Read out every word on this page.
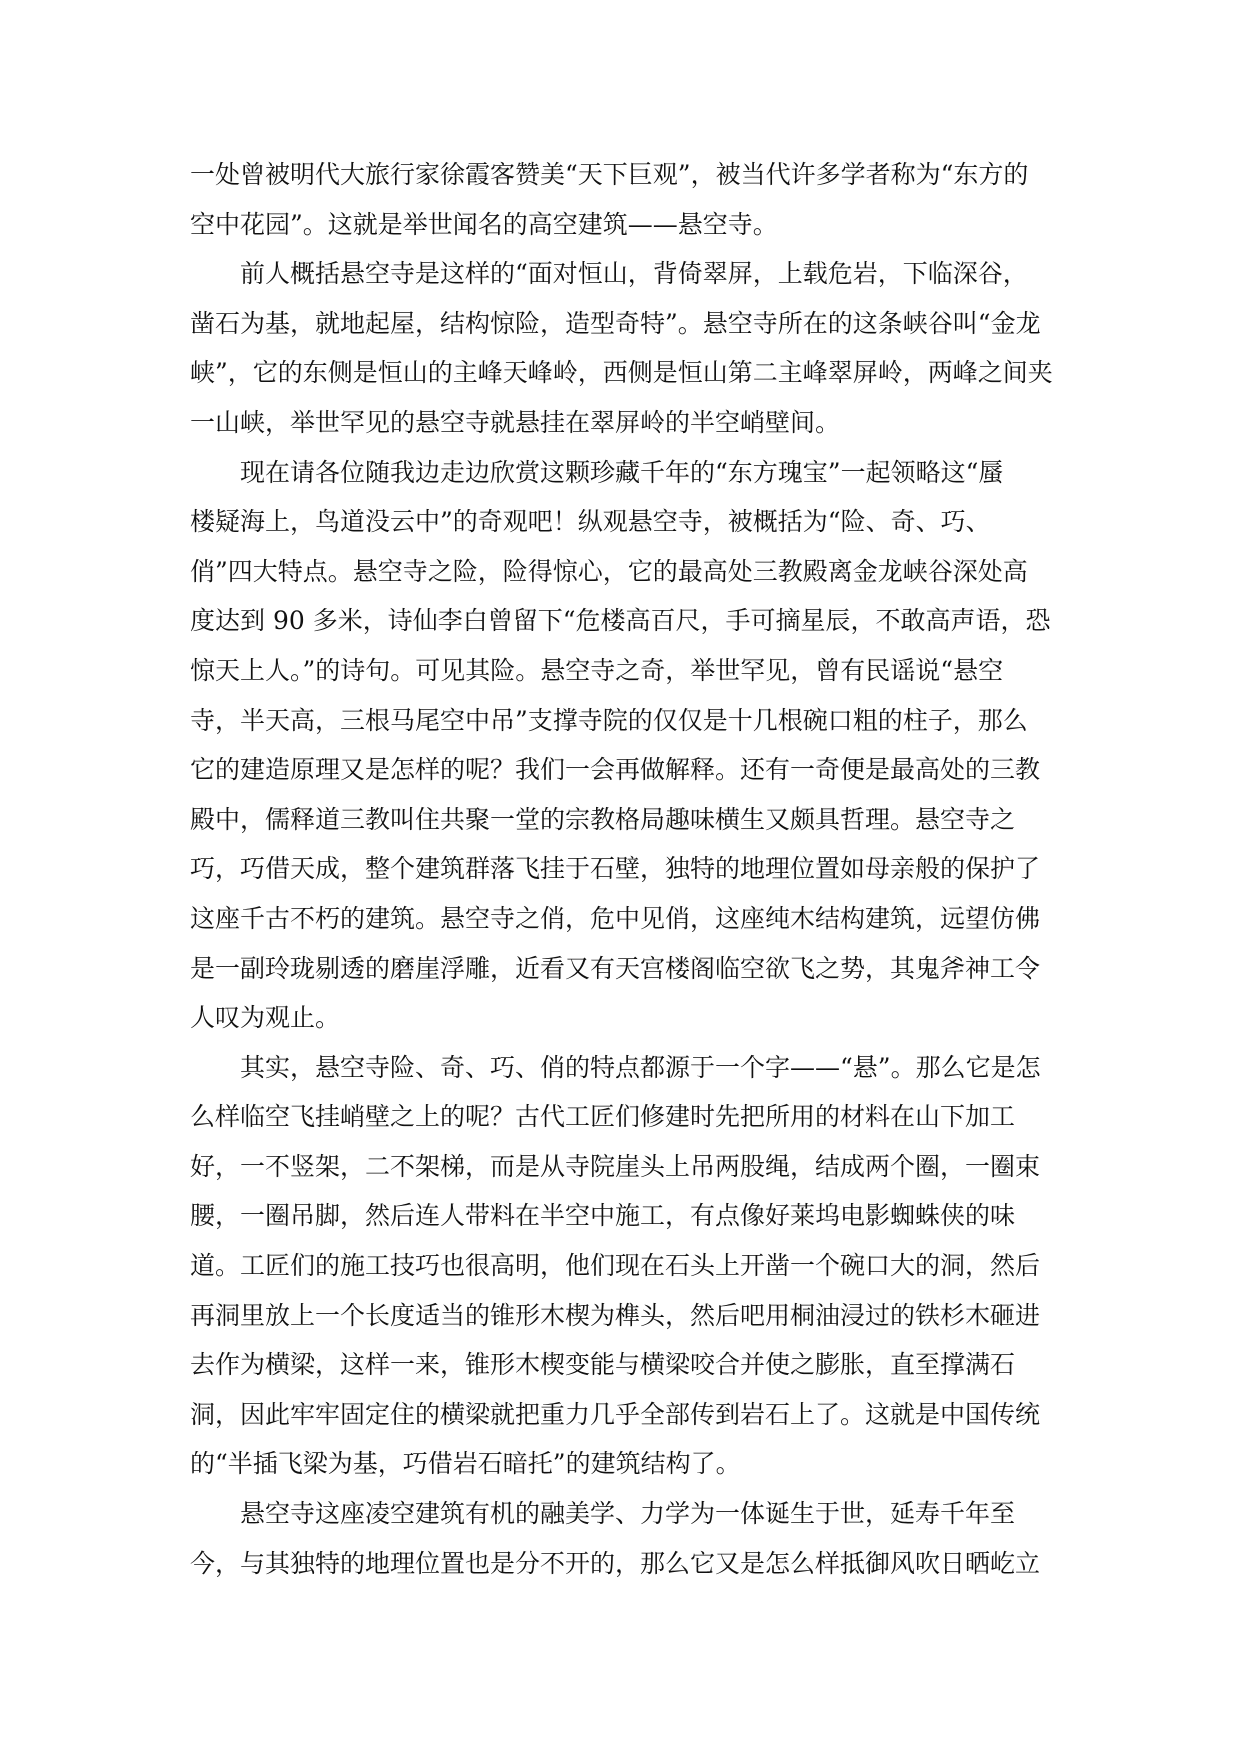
一处曾被明代大旅行家徐霞客赞美“天下巨观”，被当代许多学者称为“东方的
空中花园”。这就是举世闻名的高空建筑——悬空寺。
　　前人概括悬空寺是这样的“面对恒山，背倚翠屏，上载危岩，下临深谷，
凿石为基，就地起屋，结构惊险，造型奇特”。悬空寺所在的这条峡谷叫“金龙
峡”，它的东侧是恒山的主峰天峰岭，西侧是恒山第二主峰翠屏岭，两峰之间夹
一山峡，举世罕见的悬空寺就悬挂在翠屏岭的半空峭壁间。
　　现在请各位随我边走边欣赏这颗珍藏千年的“东方瑰宝”一起领略这“蜃
楼疑海上，鸟道没云中”的奇观吧！纵观悬空寺，被概括为“险、奇、巧、
俏”四大特点。悬空寺之险，险得惊心，它的最高处三教殿离金龙峡谷深处高
度达到 90 多米，诗仙李白曾留下“危楼高百尺，手可摘星辰，不敢高声语，恐
惊天上人。”的诗句。可见其险。悬空寺之奇，举世罕见，曾有民谣说“悬空
寺，半天高，三根马尾空中吊”支撑寺院的仅仅是十几根碗口粗的柱子，那么
它的建造原理又是怎样的呢？我们一会再做解释。还有一奇便是最高处的三教
殿中，儒释道三教叫住共聚一堂的宗教格局趣味横生又颇具哲理。悬空寺之
巧，巧借天成，整个建筑群落飞挂于石壁，独特的地理位置如母亲般的保护了
这座千古不朽的建筑。悬空寺之俏，危中见俏，这座纯木结构建筑，远望仿佛
是一副玲珑剔透的磨崖浮雕，近看又有天宫楼阁临空欲飞之势，其鬼斧神工令
人叹为观止。
　　其实，悬空寺险、奇、巧、俏的特点都源于一个字——“悬”。那么它是怎
么样临空飞挂峭壁之上的呢？古代工匠们修建时先把所用的材料在山下加工
好，一不竖架，二不架梯，而是从寺院崖头上吊两股绳，结成两个圈，一圈束
腰，一圈吊脚，然后连人带料在半空中施工，有点像好莱坞电影蜘蛛侠的味
道。工匠们的施工技巧也很高明，他们现在石头上开凿一个碗口大的洞，然后
再洞里放上一个长度适当的锥形木楔为榫头，然后吧用桐油浸过的铁杉木砸进
去作为横梁，这样一来，锥形木楔变能与横梁咬合并使之膨胀，直至撑满石
洞，因此牢牢固定住的横梁就把重力几乎全部传到岩石上了。这就是中国传统
的“半插飞梁为基，巧借岩石暗托”的建筑结构了。
　　悬空寺这座凌空建筑有机的融美学、力学为一体诞生于世，延寿千年至
今，与其独特的地理位置也是分不开的，那么它又是怎么样抵御风吹日晒屹立
